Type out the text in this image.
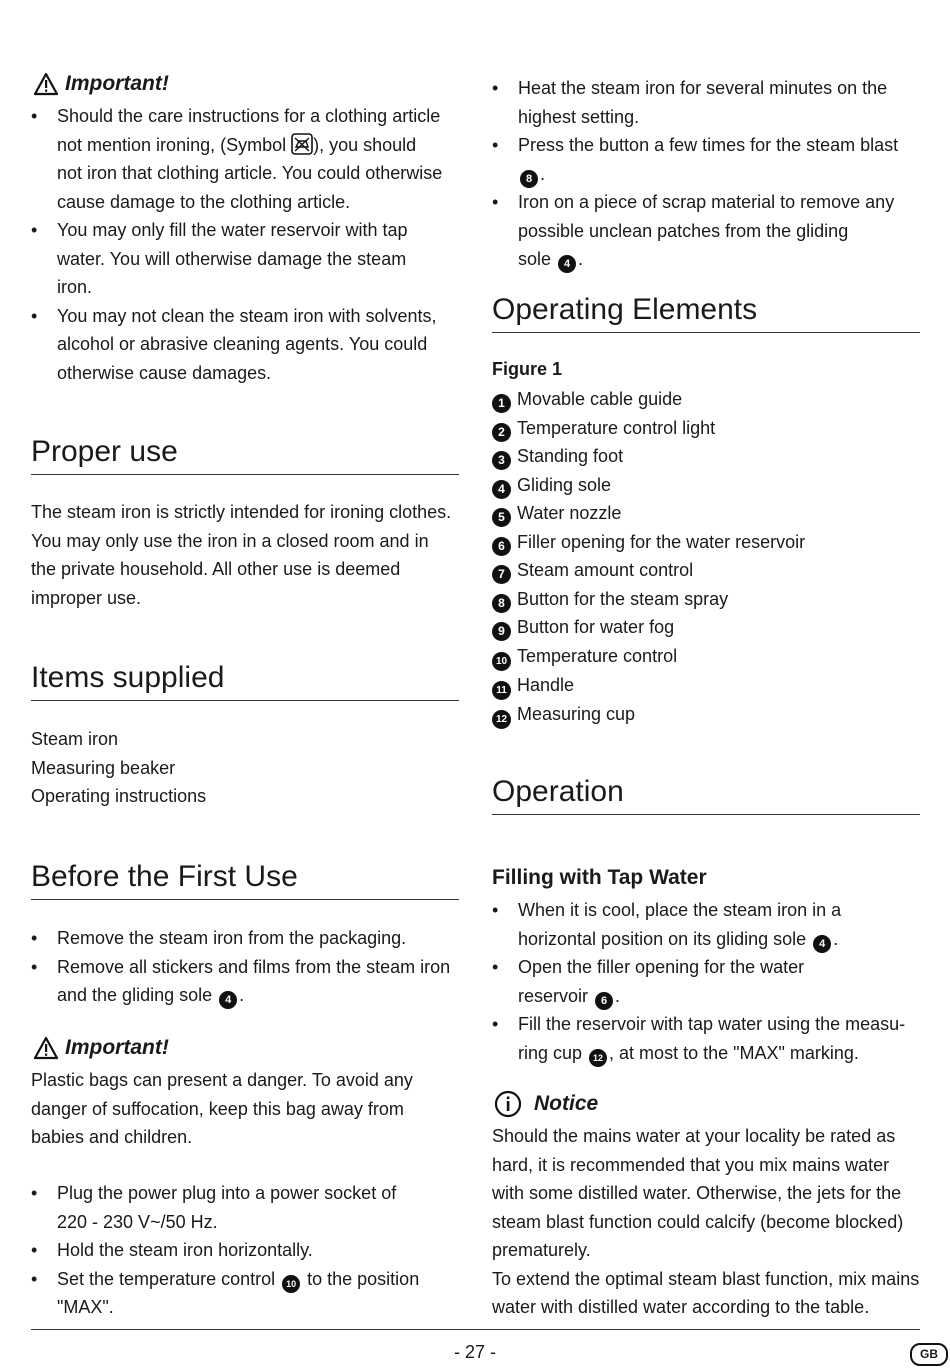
Important!
• Should the care instructions for a clothing article
not mention ironing, (Symbol ), you should
not iron that clothing article. You could otherwise
cause damage to the clothing article.
• You may only fill the water reservoir with tap
water. You will otherwise damage the steam
iron.
• You may not clean the steam iron with solvents,
alcohol or abrasive cleaning agents. You could
otherwise cause damages.
Proper use
The steam iron is strictly intended for ironing clothes.
You may only use the iron in a closed room and in
the private household. All other use is deemed
improper use.
Items supplied
Steam iron
Measuring beaker
Operating instructions
Before the First Use
• Remove the steam iron from the packaging.
• Remove all stickers and films from the steam iron
and the gliding sole 4 .
Important!
Plastic bags can present a danger. To avoid any
danger of suffocation, keep this bag away from
babies and children.
• Plug the power plug into a power socket of
220 - 230 V~/50 Hz.
• Hold the steam iron horizontally.
• Set the temperature control 10 to the position
"MAX".
• Heat the steam iron for several minutes on the
highest setting.
• Press the button a few times for the steam blast 8 .
• Iron on a piece of scrap material to remove any
possible unclean patches from the gliding
sole 4 .
Operating Elements
Figure 1
1 Movable cable guide
2 Temperature control light
3 Standing foot
4 Gliding sole
5 Water nozzle
6 Filler opening for the water reservoir
7 Steam amount control
8 Button for the steam spray
9 Button for water fog
10 Temperature control
11 Handle
12 Measuring cup
Operation
Filling with Tap Water
• When it is cool, place the steam iron in a
horizontal position on its gliding sole 4 .
• Open the filler opening for the water
reservoir 6 .
• Fill the reservoir with tap water using the measu-
ring cup 12 , at most to the "MAX" marking.
Notice
Should the mains water at your locality be rated as
hard, it is recommended that you mix mains water
with some distilled water. Otherwise, the jets for the
steam blast function could calcify (become blocked)
prematurely.
To extend the optimal steam blast function, mix mains
water with distilled water according to the table.
- 27 -	GB
